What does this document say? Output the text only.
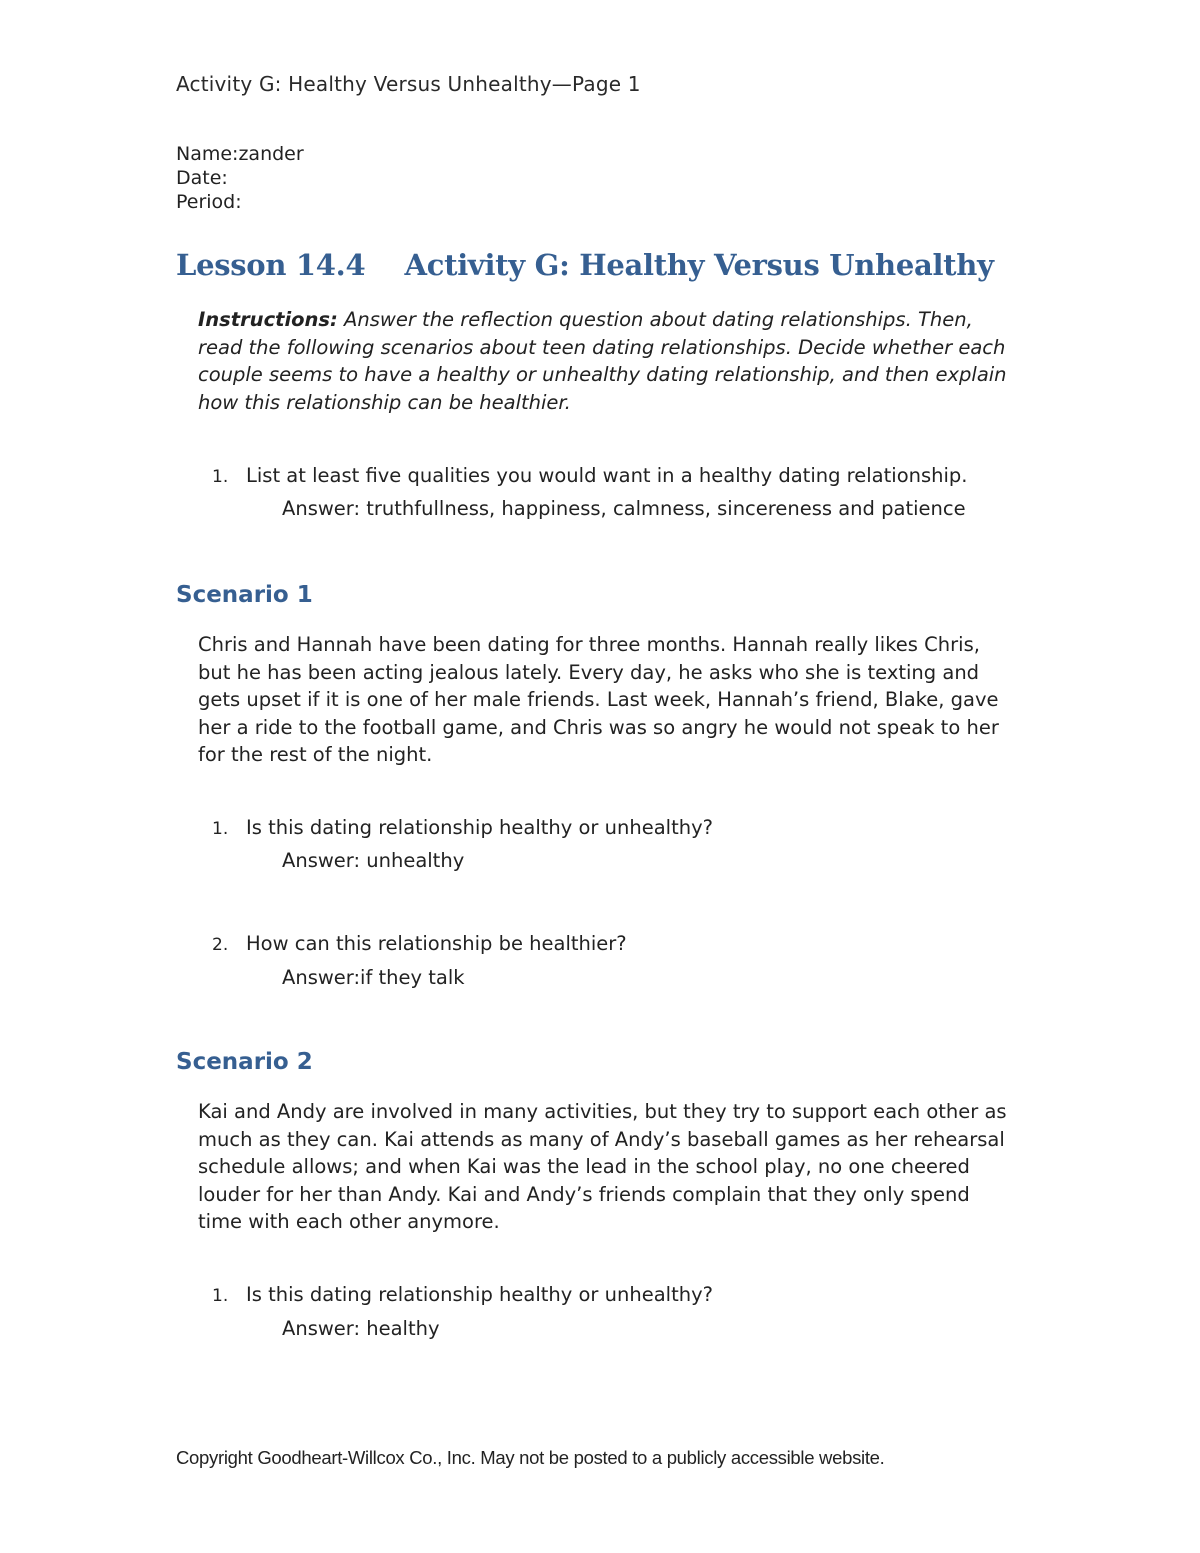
Activity G: Healthy Versus Unhealthy—Page 1
Name:zander
Date:
Period:
Lesson 14.4    Activity G: Healthy Versus Unhealthy
Instructions: Answer the reflection question about dating relationships. Then, read the following scenarios about teen dating relationships. Decide whether each couple seems to have a healthy or unhealthy dating relationship, and then explain how this relationship can be healthier.
1. List at least five qualities you would want in a healthy dating relationship.
Answer: truthfullness, happiness, calmness, sincereness and patience
Scenario 1
Chris and Hannah have been dating for three months. Hannah really likes Chris, but he has been acting jealous lately. Every day, he asks who she is texting and gets upset if it is one of her male friends. Last week, Hannah’s friend, Blake, gave her a ride to the football game, and Chris was so angry he would not speak to her for the rest of the night.
1. Is this dating relationship healthy or unhealthy?
Answer: unhealthy
2. How can this relationship be healthier?
Answer:if they talk
Scenario 2
Kai and Andy are involved in many activities, but they try to support each other as much as they can. Kai attends as many of Andy’s baseball games as her rehearsal schedule allows; and when Kai was the lead in the school play, no one cheered louder for her than Andy. Kai and Andy’s friends complain that they only spend time with each other anymore.
1. Is this dating relationship healthy or unhealthy?
Answer: healthy
Copyright Goodheart-Willcox Co., Inc. May not be posted to a publicly accessible website.
